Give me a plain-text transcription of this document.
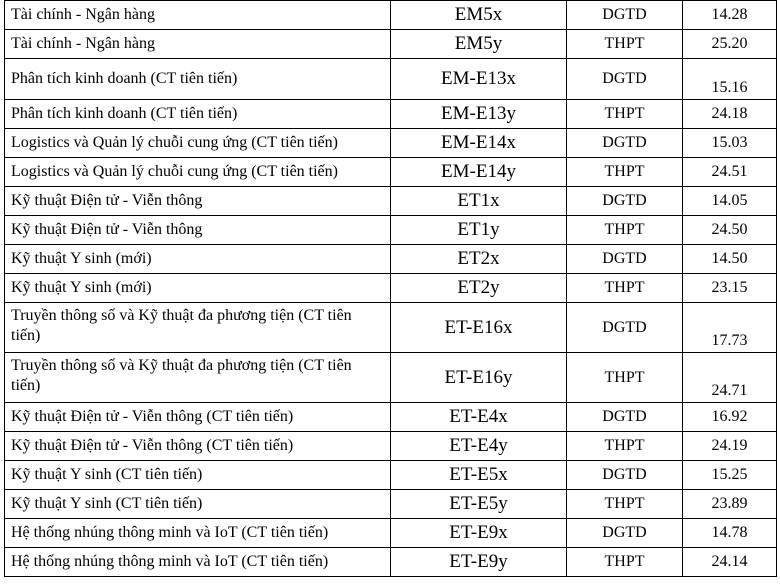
Tài chính - Ngân hàng	EM5x	DGTD	14.28
Tài chính - Ngân hàng	EM5y	THPT	25.20
Phân tích kinh doanh (CT tiên tiến)	EM-E13x	DGTD	15.16
Phân tích kinh doanh (CT tiên tiến)	EM-E13y	THPT	24.18
Logistics và Quản lý chuỗi cung ứng (CT tiên tiến)	EM-E14x	DGTD	15.03
Logistics và Quản lý chuỗi cung ứng (CT tiên tiến)	EM-E14y	THPT	24.51
Kỹ thuật Điện tử - Viễn thông	ET1x	DGTD	14.05
Kỹ thuật Điện tử - Viễn thông	ET1y	THPT	24.50
Kỹ thuật Y sinh (mới)	ET2x	DGTD	14.50
Kỹ thuật Y sinh (mới)	ET2y	THPT	23.15
Truyền thông số và Kỹ thuật đa phương tiện (CT tiên tiến)	ET-E16x	DGTD	17.73
Truyền thông số và Kỹ thuật đa phương tiện (CT tiên tiến)	ET-E16y	THPT	24.71
Kỹ thuật Điện tử - Viễn thông (CT tiên tiến)	ET-E4x	DGTD	16.92
Kỹ thuật Điện tử - Viễn thông (CT tiên tiến)	ET-E4y	THPT	24.19
Kỹ thuật Y sinh (CT tiên tiến)	ET-E5x	DGTD	15.25
Kỹ thuật Y sinh (CT tiên tiến)	ET-E5y	THPT	23.89
Hệ thống nhúng thông minh và IoT (CT tiên tiến)	ET-E9x	DGTD	14.78
Hệ thống nhúng thông minh và IoT (CT tiên tiến)	ET-E9y	THPT	24.14
